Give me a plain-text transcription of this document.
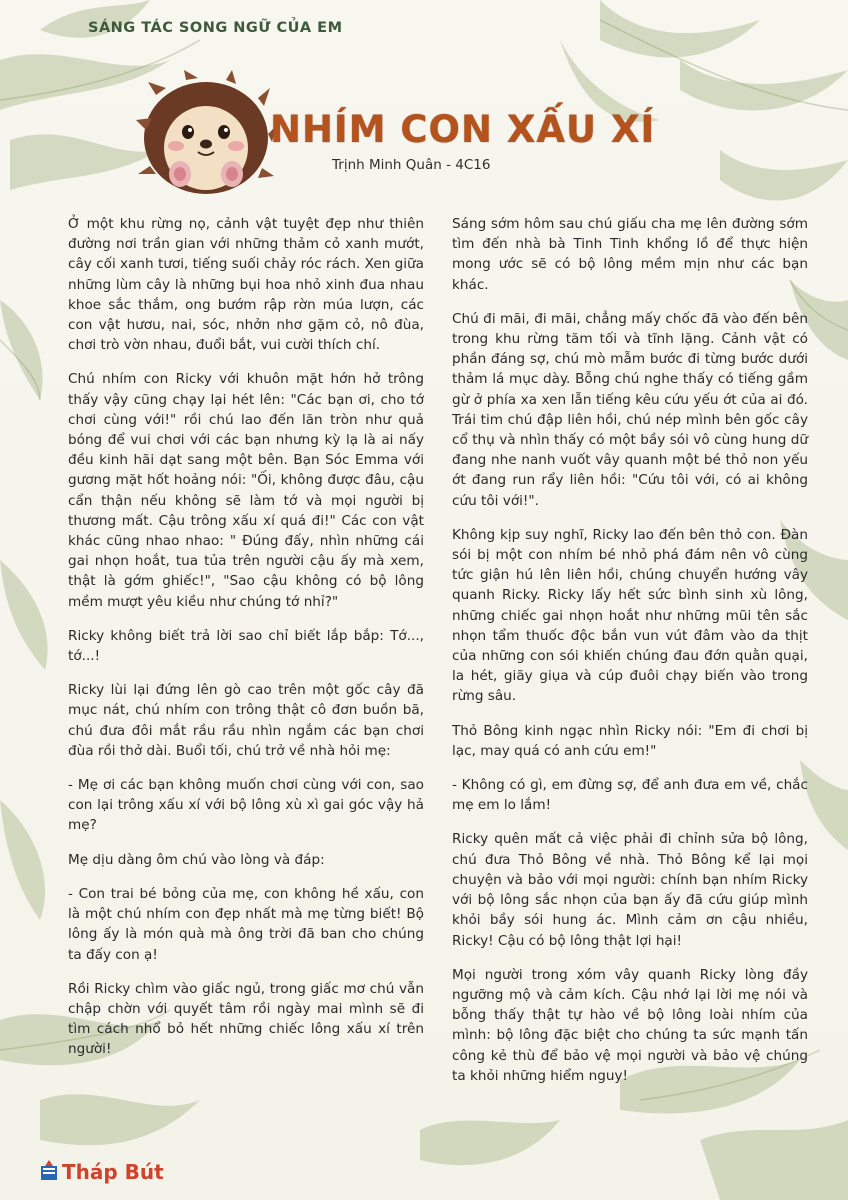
SÁNG TÁC SONG NGỮ CỦA EM
NHÍM CON XẤU XÍ
Trịnh Minh Quân - 4C16

Ở một khu rừng nọ, cảnh vật tuyệt đẹp như thiên đường nơi trần gian với những thảm cỏ xanh mướt, cây cối xanh tươi, tiếng suối chảy róc rách. Xen giữa những lùm cây là những bụi hoa nhỏ xinh đua nhau khoe sắc thắm, ong bướm rập rờn múa lượn, các con vật hươu, nai, sóc, nhởn nhơ gặm cỏ, nô đùa, chơi trò vờn nhau, đuổi bắt, vui cười thích chí.

Chú nhím con Ricky với khuôn mặt hớn hở trông thấy vậy cũng chạy lại hét lên: "Các bạn ơi, cho tớ chơi cùng với!" rồi chú lao đến lăn tròn như quả bóng để vui chơi với các bạn nhưng kỳ lạ là ai nấy đều kinh hãi dạt sang một bên. Bạn Sóc Emma với gương mặt hốt hoảng nói: "Ối, không được đâu, cậu cẩn thận nếu không sẽ làm tớ và mọi người bị thương mất. Cậu trông xấu xí quá đi!" Các con vật khác cũng nhao nhao: " Đúng đấy, nhìn những cái gai nhọn hoắt, tua tủa trên người cậu ấy mà xem, thật là gớm ghiếc!", "Sao cậu không có bộ lông mềm mượt yêu kiều như chúng tớ nhỉ?"

Ricky không biết trả lời sao chỉ biết lắp bắp: Tớ..., tớ...!

Ricky lùi lại đứng lên gò cao trên một gốc cây đã mục nát, chú nhím con trông thật cô đơn buồn bã, chú đưa đôi mắt rầu rầu nhìn ngắm các bạn chơi đùa rồi thở dài. Buổi tối, chú trở về nhà hỏi mẹ:

- Mẹ ơi các bạn không muốn chơi cùng với con, sao con lại trông xấu xí với bộ lông xù xì gai góc vậy hả mẹ?

Mẹ dịu dàng ôm chú vào lòng và đáp:

- Con trai bé bỏng của mẹ, con không hề xấu, con là một chú nhím con đẹp nhất mà mẹ từng biết! Bộ lông ấy là món quà mà ông trời đã ban cho chúng ta đấy con ạ!

Rồi Ricky chìm vào giấc ngủ, trong giấc mơ chú vẫn chập chờn với quyết tâm rồi ngày mai mình sẽ đi tìm cách nhổ bỏ hết những chiếc lông xấu xí trên người!

Sáng sớm hôm sau chú giấu cha mẹ lên đường sớm tìm đến nhà bà Tinh Tinh khổng lồ để thực hiện mong ước sẽ có bộ lông mềm mịn như các bạn khác.

Chú đi mãi, đi mãi, chẳng mấy chốc đã vào đến bên trong khu rừng tăm tối và tĩnh lặng. Cảnh vật có phần đáng sợ, chú mò mẫm bước đi từng bước dưới thảm lá mục dày. Bỗng chú nghe thấy có tiếng gầm gừ ở phía xa xen lẫn tiếng kêu cứu yếu ớt của ai đó. Trái tim chú đập liên hồi, chú nép mình bên gốc cây cổ thụ và nhìn thấy có một bầy sói vô cùng hung dữ đang nhe nanh vuốt vây quanh một bé thỏ non yếu ớt đang run rẩy liên hồi: "Cứu tôi với, có ai không cứu tôi với!".

Không kịp suy nghĩ, Ricky lao đến bên thỏ con. Đàn sói bị một con nhím bé nhỏ phá đám nên vô cùng tức giận hú lên liên hồi, chúng chuyển hướng vây quanh Ricky. Ricky lấy hết sức bình sinh xù lông, những chiếc gai nhọn hoắt như những mũi tên sắc nhọn tẩm thuốc độc bắn vun vút đâm vào da thịt của những con sói khiến chúng đau đớn quằn quại, la hét, giãy giụa và cúp đuôi chạy biến vào trong rừng sâu.

Thỏ Bông kinh ngạc nhìn Ricky nói: "Em đi chơi bị lạc, may quá có anh cứu em!"

- Không có gì, em đừng sợ, để anh đưa em về, chắc mẹ em lo lắm!

Ricky quên mất cả việc phải đi chỉnh sửa bộ lông, chú đưa Thỏ Bông về nhà. Thỏ Bông kể lại mọi chuyện và bảo với mọi người: chính bạn nhím Ricky với bộ lông sắc nhọn của bạn ấy đã cứu giúp mình khỏi bầy sói hung ác. Mình cảm ơn cậu nhiều, Ricky! Cậu có bộ lông thật lợi hại!

Mọi người trong xóm vây quanh Ricky lòng đầy ngưỡng mộ và cảm kích. Cậu nhớ lại lời mẹ nói và bỗng thấy thật tự hào về bộ lông loài nhím của mình: bộ lông đặc biệt cho chúng ta sức mạnh tấn công kẻ thù để bảo vệ mọi người và bảo vệ chúng ta khỏi những hiểm nguy!

Tháp Bút
